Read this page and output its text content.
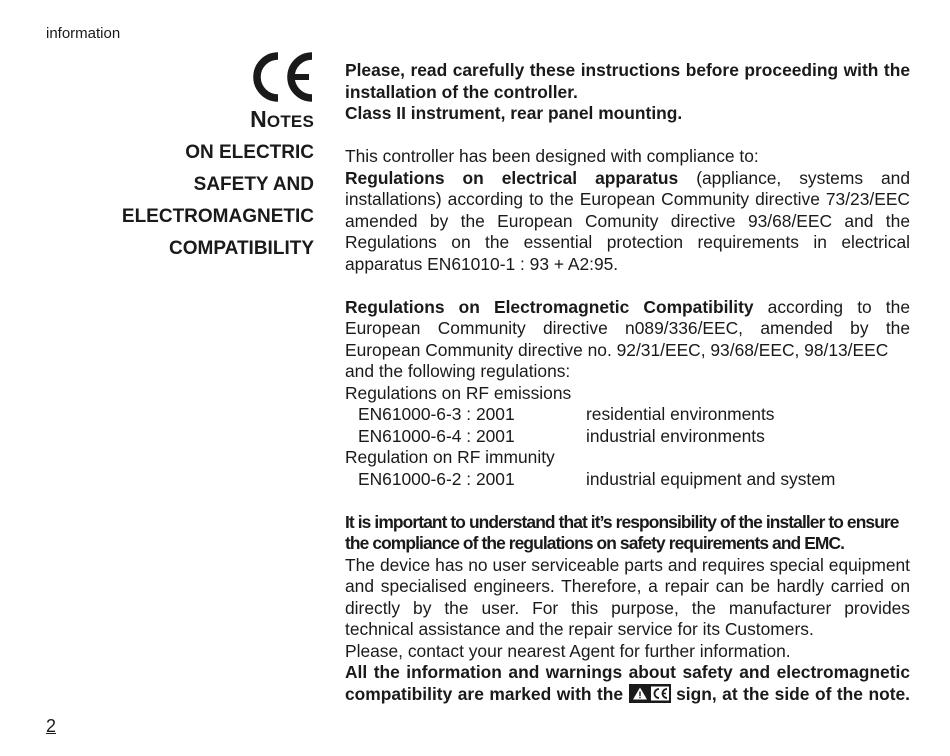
information
NOTES
ON ELECTRIC
SAFETY AND
ELECTROMAGNETIC
COMPATIBILITY

Please, read carefully these instructions before proceeding with the installation of the controller.

Class II instrument, rear panel mounting.

This controller has been designed with compliance to:

Regulations on electrical apparatus (appliance, systems and installations) according to the European Community directive 73/23/EEC amended by the European Comunity directive 93/68/EEC and the Regulations on the essential protection requirements in electrical apparatus EN61010-1 : 93 + A2:95.

Regulations on Electromagnetic Compatibility according to the European Community directive n089/336/EEC, amended by the European Community directive no. 92/31/EEC, 93/68/EEC, 98/13/EEC

and the following regulations:

Regulations on RF emissions

EN61000-6-3 : 2001	residential environments
EN61000-6-4 : 2001	industrial environments

Regulation on RF immunity

EN61000-6-2 : 2001	industrial equipment and system

It is important to understand that it’s responsibility of the installer to ensure the compliance of the regulations on safety requirements and EMC.

The device has no user serviceable parts and requires special equipment and specialised engineers. Therefore, a repair can be hardly carried on directly by the user. For this purpose, the manufacturer provides technical assistance and the repair service for its Customers.

Please, contact your nearest Agent for further information.

All the information and warnings about safety and electromagnetic compatibility are marked with the	sign, at the side of the note.

2
